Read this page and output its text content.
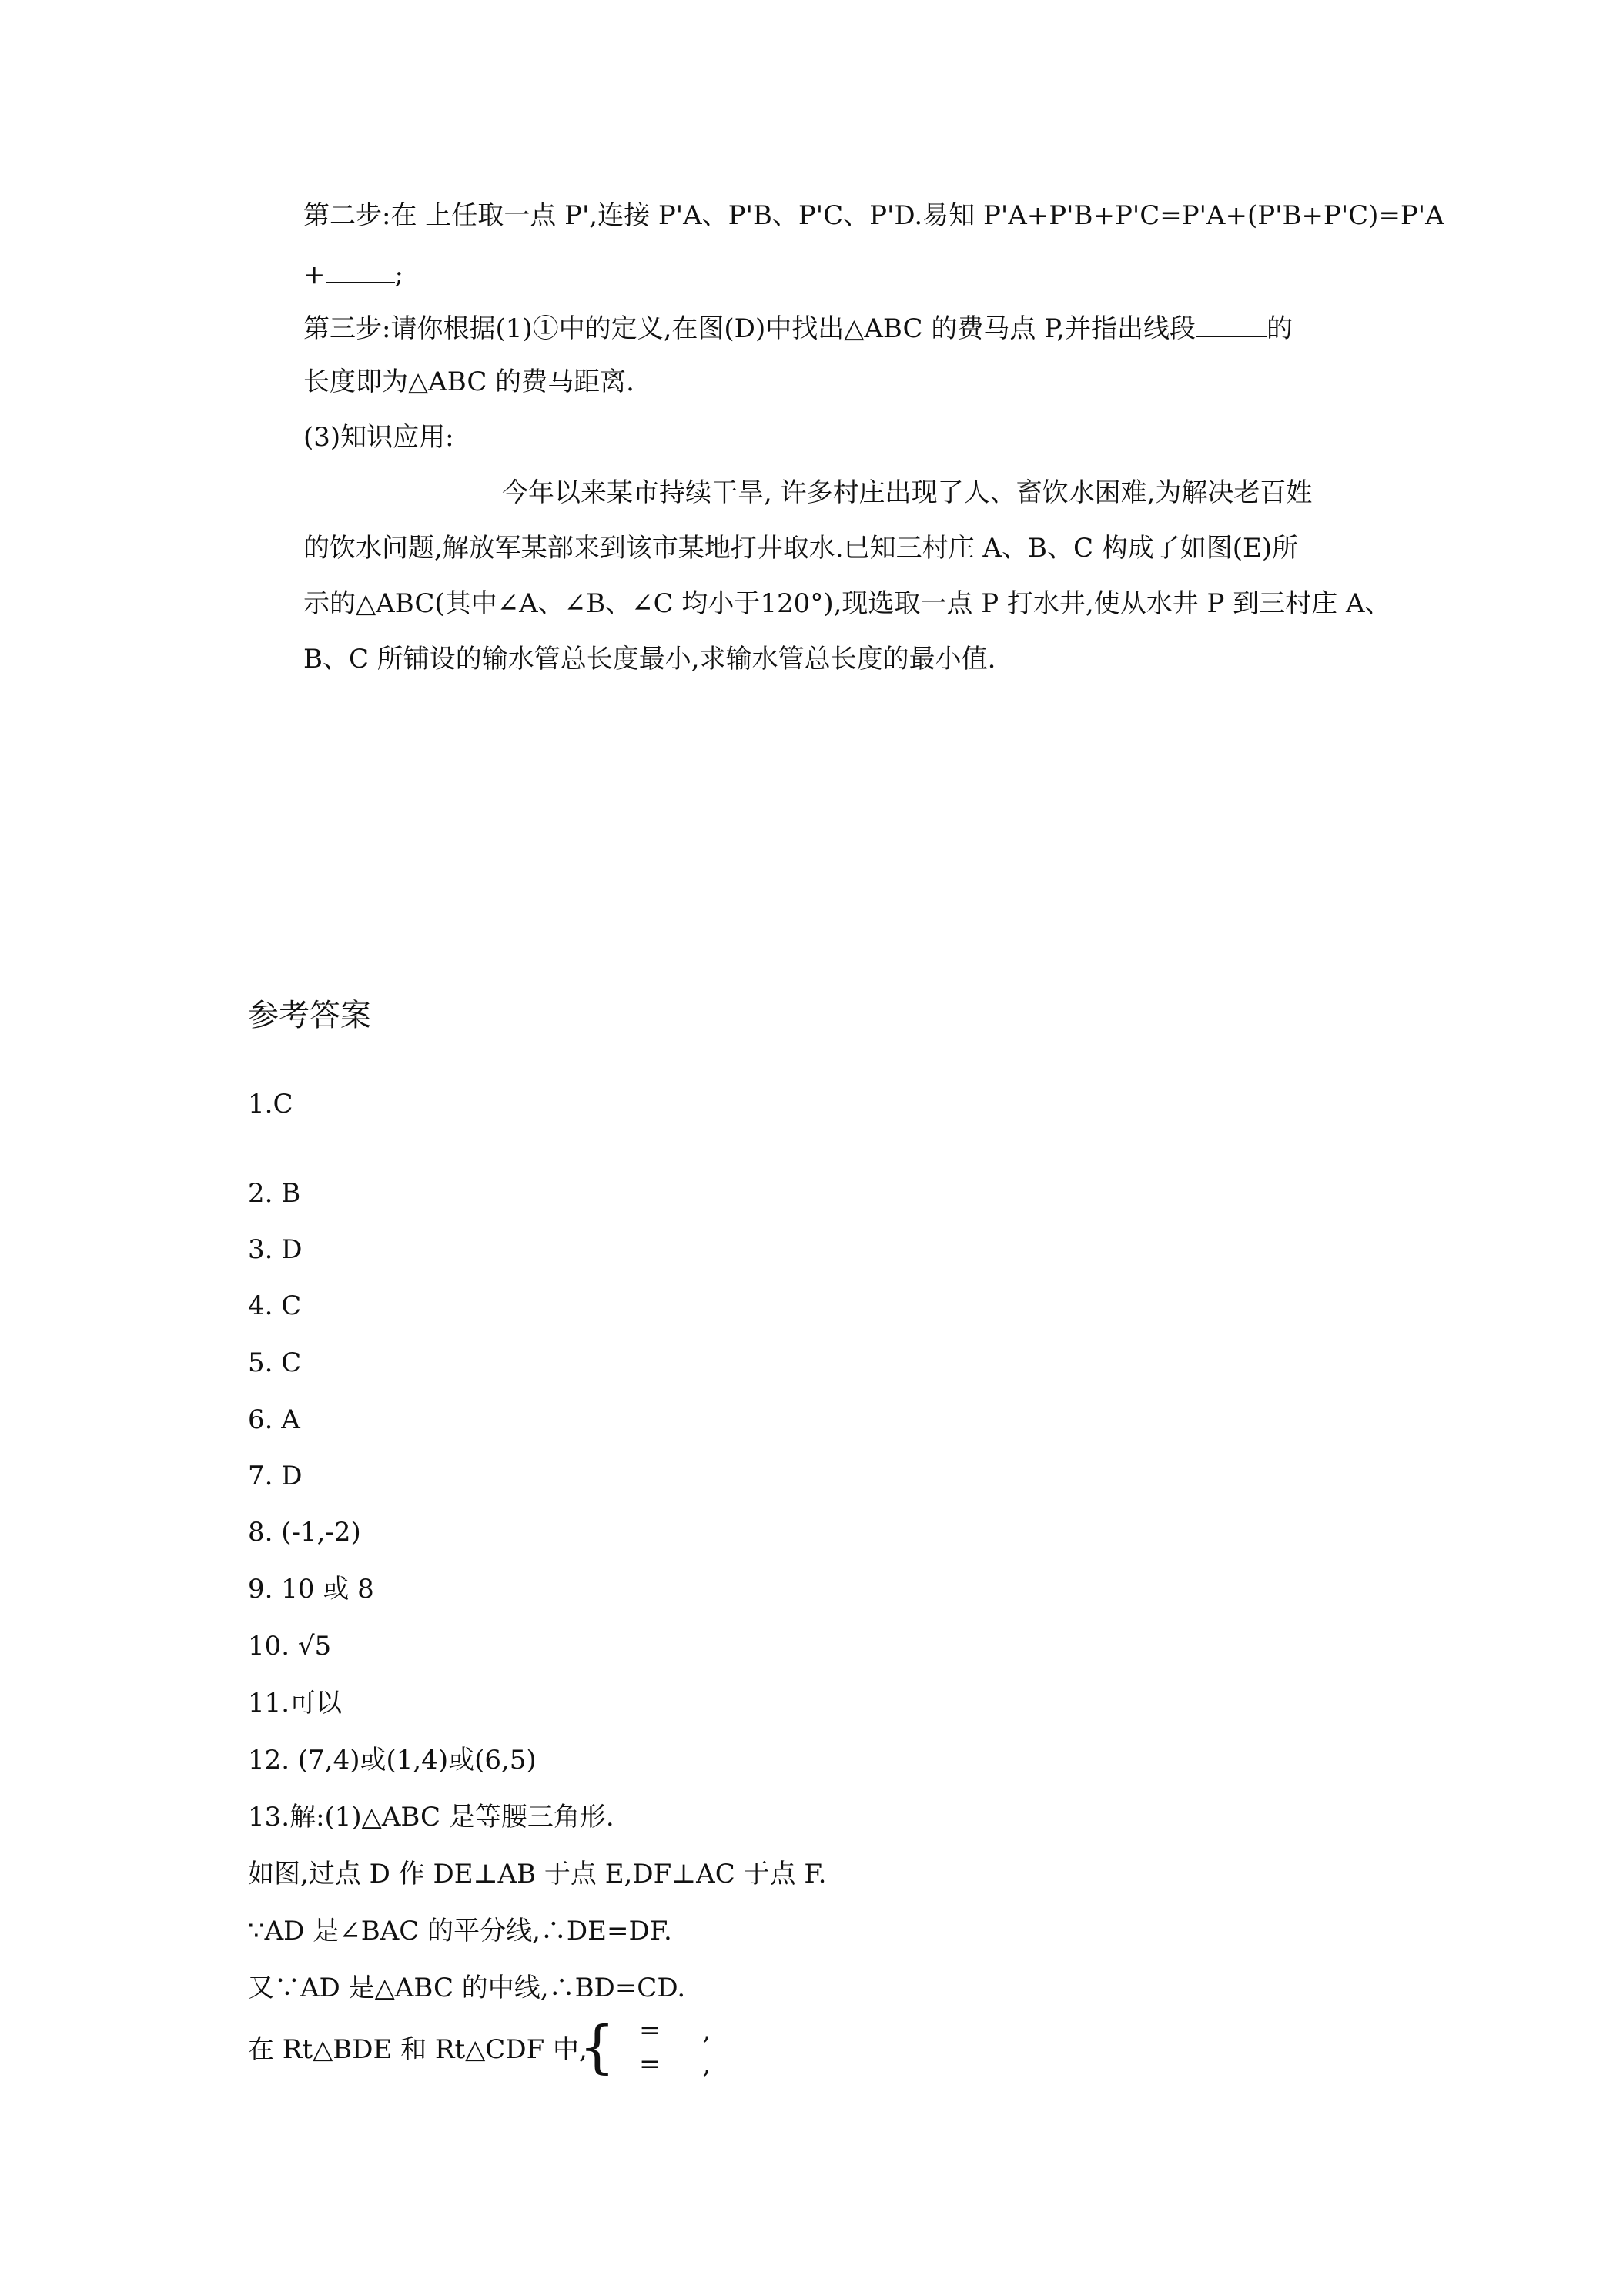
第二步:在 上任取一点 P',连接 P'A、P'B、P'C、P'D.易知 P'A+P'B+P'C=P'A+(P'B+P'C)=P'A
+	;
第三步:请你根据(1)①中的定义,在图(D)中找出△ABC 的费马点 P,并指出线段	的
长度即为△ABC 的费马距离.
(3)知识应用:
今年以来某市持续干旱, 许多村庄出现了人、畜饮水困难,为解决老百姓
的饮水问题,解放军某部来到该市某地打井取水.已知三村庄 A、B、C 构成了如图(E)所
示的△ABC(其中∠A、∠B、∠C 均小于120°),现选取一点 P 打水井,使从水井 P 到三村庄 A、
B、C 所铺设的输水管总长度最小,求输水管总长度的最小值.
参考答案
1.C
2. B
3. D
4. C
5. C
6. A
7. D
8. (-1,-2)
9. 10 或 8
10. √5
11.可以
12. (7,4)或(1,4)或(6,5)
13.解:(1)△ABC 是等腰三角形.
如图,过点 D 作 DE⊥AB 于点 E,DF⊥AC 于点 F.
∵AD 是∠BAC 的平分线,∴DE=DF.
又∵AD 是△ABC 的中线,∴BD=CD.
在 Rt△BDE 和 Rt△CDF 中,
{ =     ,
=     ,
